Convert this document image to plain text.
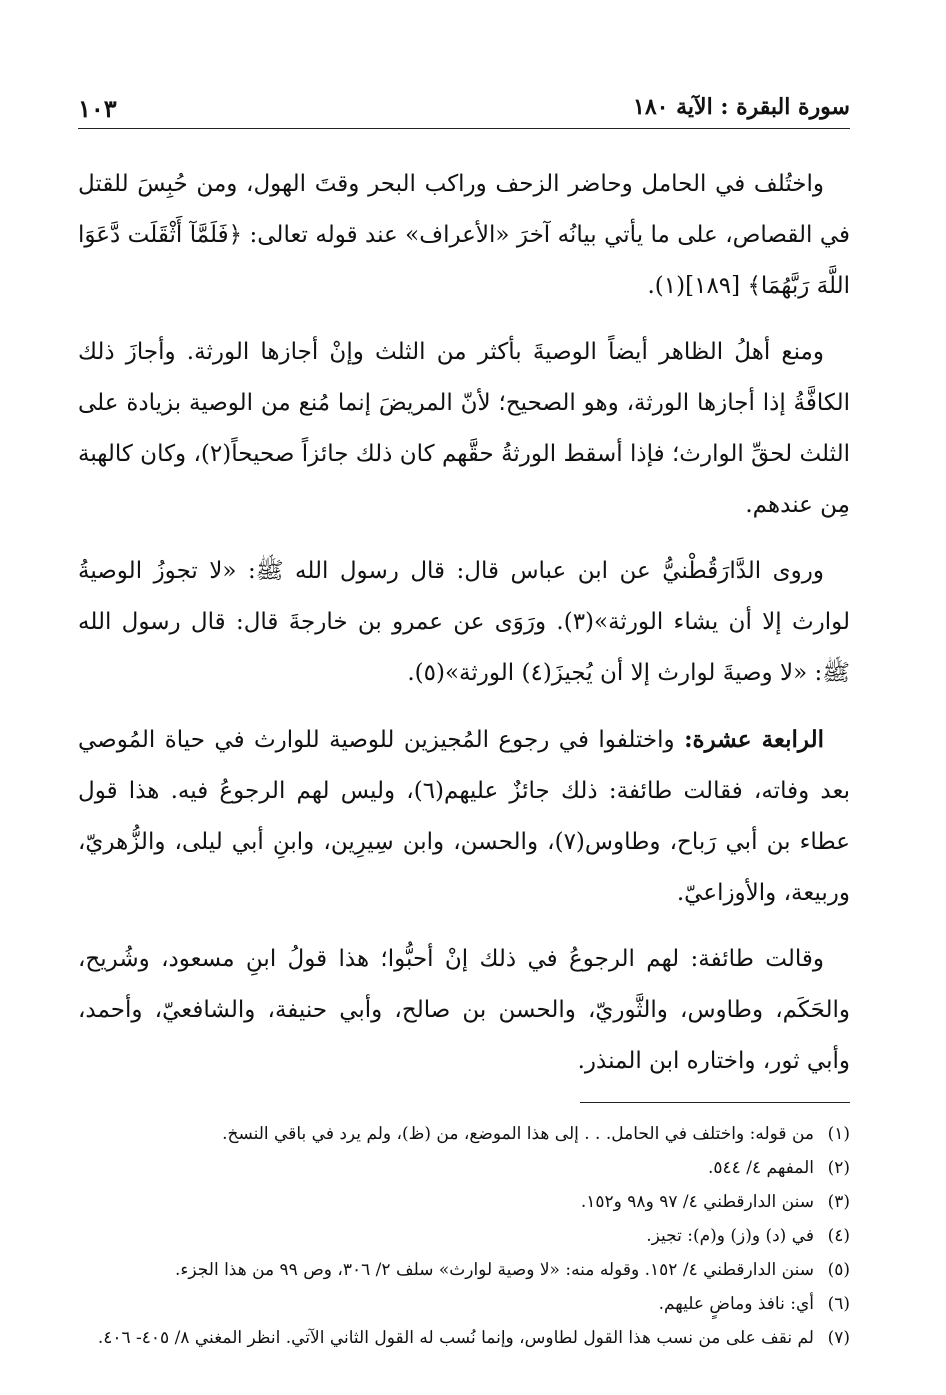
سورة البقرة : الآية ١٨٠
١٠٣

واختُلف في الحامل وحاضر الزحف وراكب البحر وقتَ الهول، ومن حُبِسَ للقتل في القصاص، على ما يأتي بيانُه آخرَ «الأعراف» عند قوله تعالى: ﴿فَلَمَّآ أَثْقَلَت دَّعَوَا اللَّهَ رَبَّهُمَا﴾ [١٨٩](١).

ومنع أهلُ الظاهر أيضاً الوصيةَ بأكثر من الثلث وإنْ أجازها الورثة. وأجازَ ذلك الكافَّةُ إذا أجازها الورثة، وهو الصحيح؛ لأنّ المريضَ إنما مُنع من الوصية بزيادة على الثلث لحقِّ الوارث؛ فإذا أسقط الورثةُ حقَّهم كان ذلك جائزاً صحيحاً(٢)، وكان كالهبة مِن عندهم.

وروى الدَّارَقُطْنيُّ عن ابن عباس قال: قال رسول الله ﷺ: «لا تجوزُ الوصيةُ لوارث إلا أن يشاء الورثة»(٣). ورَوَى عن عمرو بن خارجةَ قال: قال رسول الله ﷺ: «لا وصيةَ لوارث إلا أن يُجيزَ(٤) الورثة»(٥).

الرابعة عشرة: واختلفوا في رجوع المُجيزين للوصية للوارث في حياة المُوصي بعد وفاته، فقالت طائفة: ذلك جائزٌ عليهم(٦)، وليس لهم الرجوعُ فيه. هذا قول عطاء بن أبي رَباح، وطاوس(٧)، والحسن، وابن سِيرِين، وابنِ أبي ليلى، والزُّهريّ، وربيعة، والأوزاعيّ.

وقالت طائفة: لهم الرجوعُ في ذلك إنْ أحبُّوا؛ هذا قولُ ابنِ مسعود، وشُريح، والحَكَم، وطاوس، والثَّوريّ، والحسن بن صالح، وأبي حنيفة، والشافعيّ، وأحمد، وأبي ثور، واختاره ابن المنذر.

(١)
من قوله: واختلف في الحامل. . . إلى هذا الموضع، من (ظ)، ولم يرد في باقي النسخ.
(٢)
المفهم ٤/ ٥٤٤.
(٣)
سنن الدارقطني ٤/ ٩٧ و٩٨ و١٥٢.
(٤)
في (د) و(ز) و(م): تجيز.
(٥)
سنن الدارقطني ٤/ ١٥٢. وقوله منه: «لا وصية لوارث» سلف ٢/ ٣٠٦، وص ٩٩ من هذا الجزء.
(٦)
أي: نافذ وماضٍ عليهم.
(٧)
لم نقف على من نسب هذا القول لطاوس، وإنما نُسب له القول الثاني الآتي. انظر المغني ٨/ ٤٠٥- ٤٠٦.
